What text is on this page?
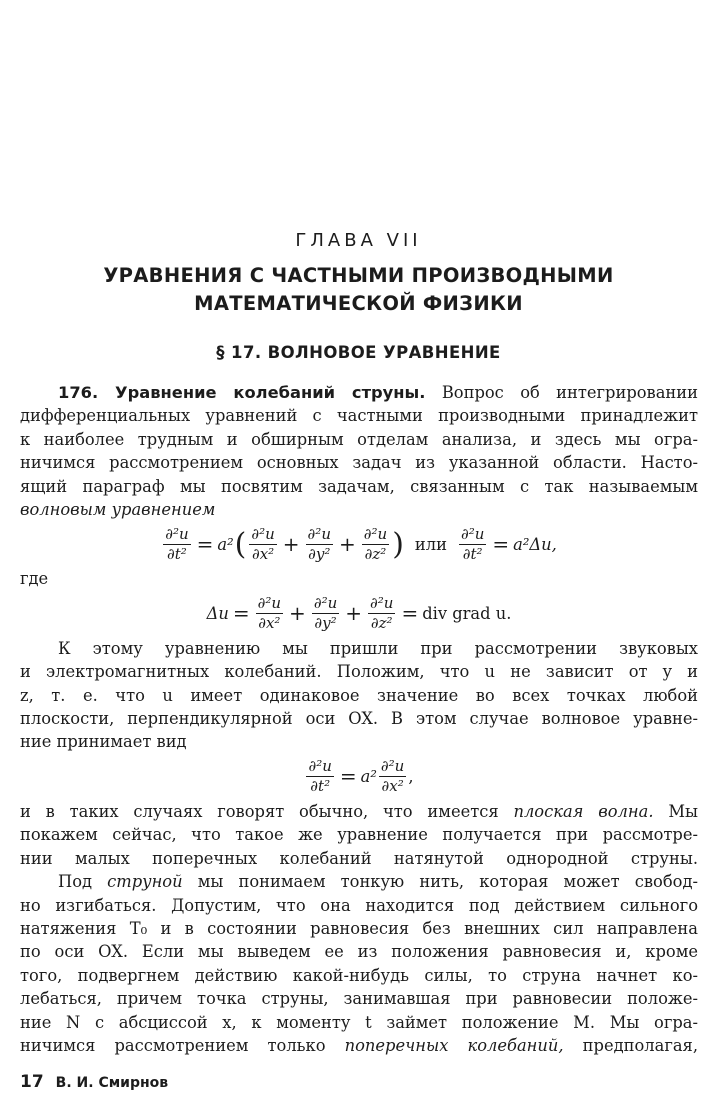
ГЛАВА VII
УРАВНЕНИЯ С ЧАСТНЫМИ ПРОИЗВОДНЫМИ
МАТЕМАТИЧЕСКОЙ ФИЗИКИ
§ 17. ВОЛНОВОЕ УРАВНЕНИЕ
176. Уравнение колебаний струны. Вопрос об интегрировании
дифференциальных уравнений с частными производными принадлежит
к наиболее трудным и обширным отделам анализа, и здесь мы огра-
ничимся рассмотрением основных задач из указанной области. Насто-
ящий параграф мы посвятим задачам, связанным с так называемым
волновым уравнением
$\frac{\text{∂²u}}{\text{∂t²}} = a^2$ ( $\frac{\text{∂²u}}{\text{∂x²}} + \frac{\text{∂²u}}{\text{∂y²}} + \frac{\text{∂²u}}{\text{∂z²}}$ ) или $\frac{\text{∂²u}}{\text{∂t²}} = a^2\Delta u$,
где
$\Delta u = \frac{\text{∂²u}}{\text{∂x²}} + \frac{\text{∂²u}}{\text{∂y²}} + \frac{\text{∂²u}}{\text{∂z²}}$ = div grad u.
К этому уравнению мы пришли при рассмотрении звуковых
и электромагнитных колебаний. Положим, что u не зависит от y и
z, т. е. что u имеет одинаковое значение во всех точках любой
плоскости, перпендикулярной оси OX. В этом случае волновое уравне-
ние принимает вид
$\frac{\text{∂²u}}{\text{∂t²}} = a^2 \frac{\text{∂²u}}{\text{∂x²}}$ ,
и в таких случаях говорят обычно, что имеется плоская волна. Мы
покажем сейчас, что такое же уравнение получается при рассмотре-
нии малых поперечных колебаний натянутой однородной струны.
Под струной мы понимаем тонкую нить, которая может свобод-
но изгибаться. Допустим, что она находится под действием сильного
натяжения T₀ и в состоянии равновесия без внешних сил направлена
по оси OX. Если мы выведем ее из положения равновесия и, кроме
того, подвергнем действию какой-нибудь силы, то струна начнет ко-
лебаться, причем точка струны, занимавшая при равновесии положе-
ние N с абсциссой x, к моменту t займет положение M. Мы огра-
ничимся рассмотрением только поперечных колебаний, предполагая,
17 В. И. Смирнов
